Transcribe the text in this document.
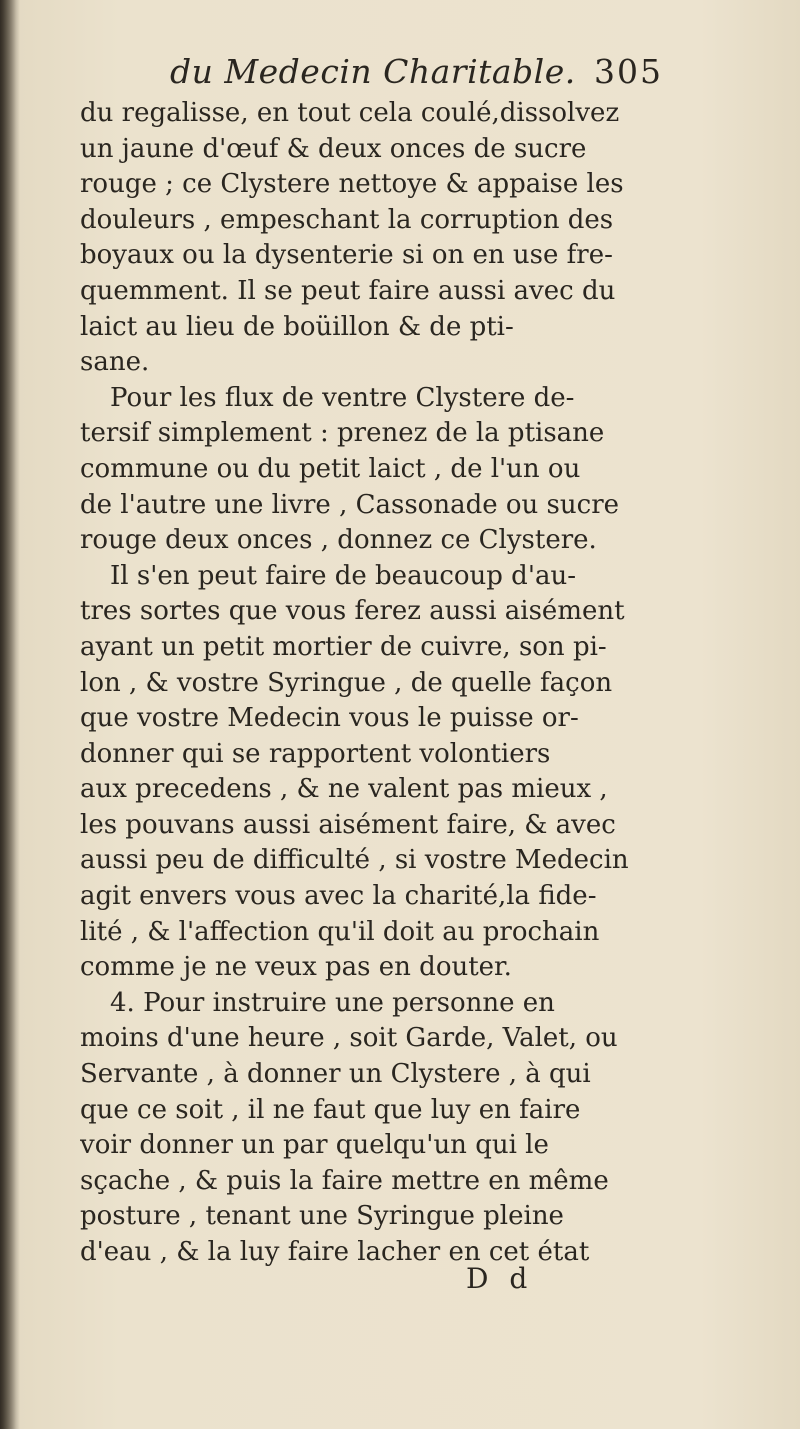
du Medecin Charitable. 305
du regalisse, en tout cela coulé,dissolvez
un jaune d'œuf & deux onces de sucre
rouge ; ce Clystere nettoye & appaise les
douleurs , empeschant la corruption des
boyaux ou la dysenterie si on en use fre-
quemment. Il se peut faire aussi avec du
laict au lieu de boüillon & de pti-
sane.
Pour les flux de ventre Clystere de-
tersif simplement : prenez de la ptisane
commune ou du petit laict , de l'un ou
de l'autre une livre , Cassonade ou sucre
rouge deux onces , donnez ce Clystere.
Il s'en peut faire de beaucoup d'au-
tres sortes que vous ferez aussi aisément
ayant un petit mortier de cuivre, son pi-
lon , & vostre Syringue , de quelle façon
que vostre Medecin vous le puisse or-
donner qui se rapportent volontiers
aux precedens , & ne valent pas mieux ,
les pouvans aussi aisément faire, & avec
aussi peu de difficulté , si vostre Medecin
agit envers vous avec la charité,la fide-
lité , & l'affection qu'il doit au prochain
comme je ne veux pas en douter.
4. Pour instruire une personne en
moins d'une heure , soit Garde, Valet, ou
Servante , à donner un Clystere , à qui
que ce soit , il ne faut que luy en faire
voir donner un par quelqu'un qui le
sçache , & puis la faire mettre en même
posture , tenant une Syringue pleine
d'eau , & la luy faire lacher en cet état
D d
